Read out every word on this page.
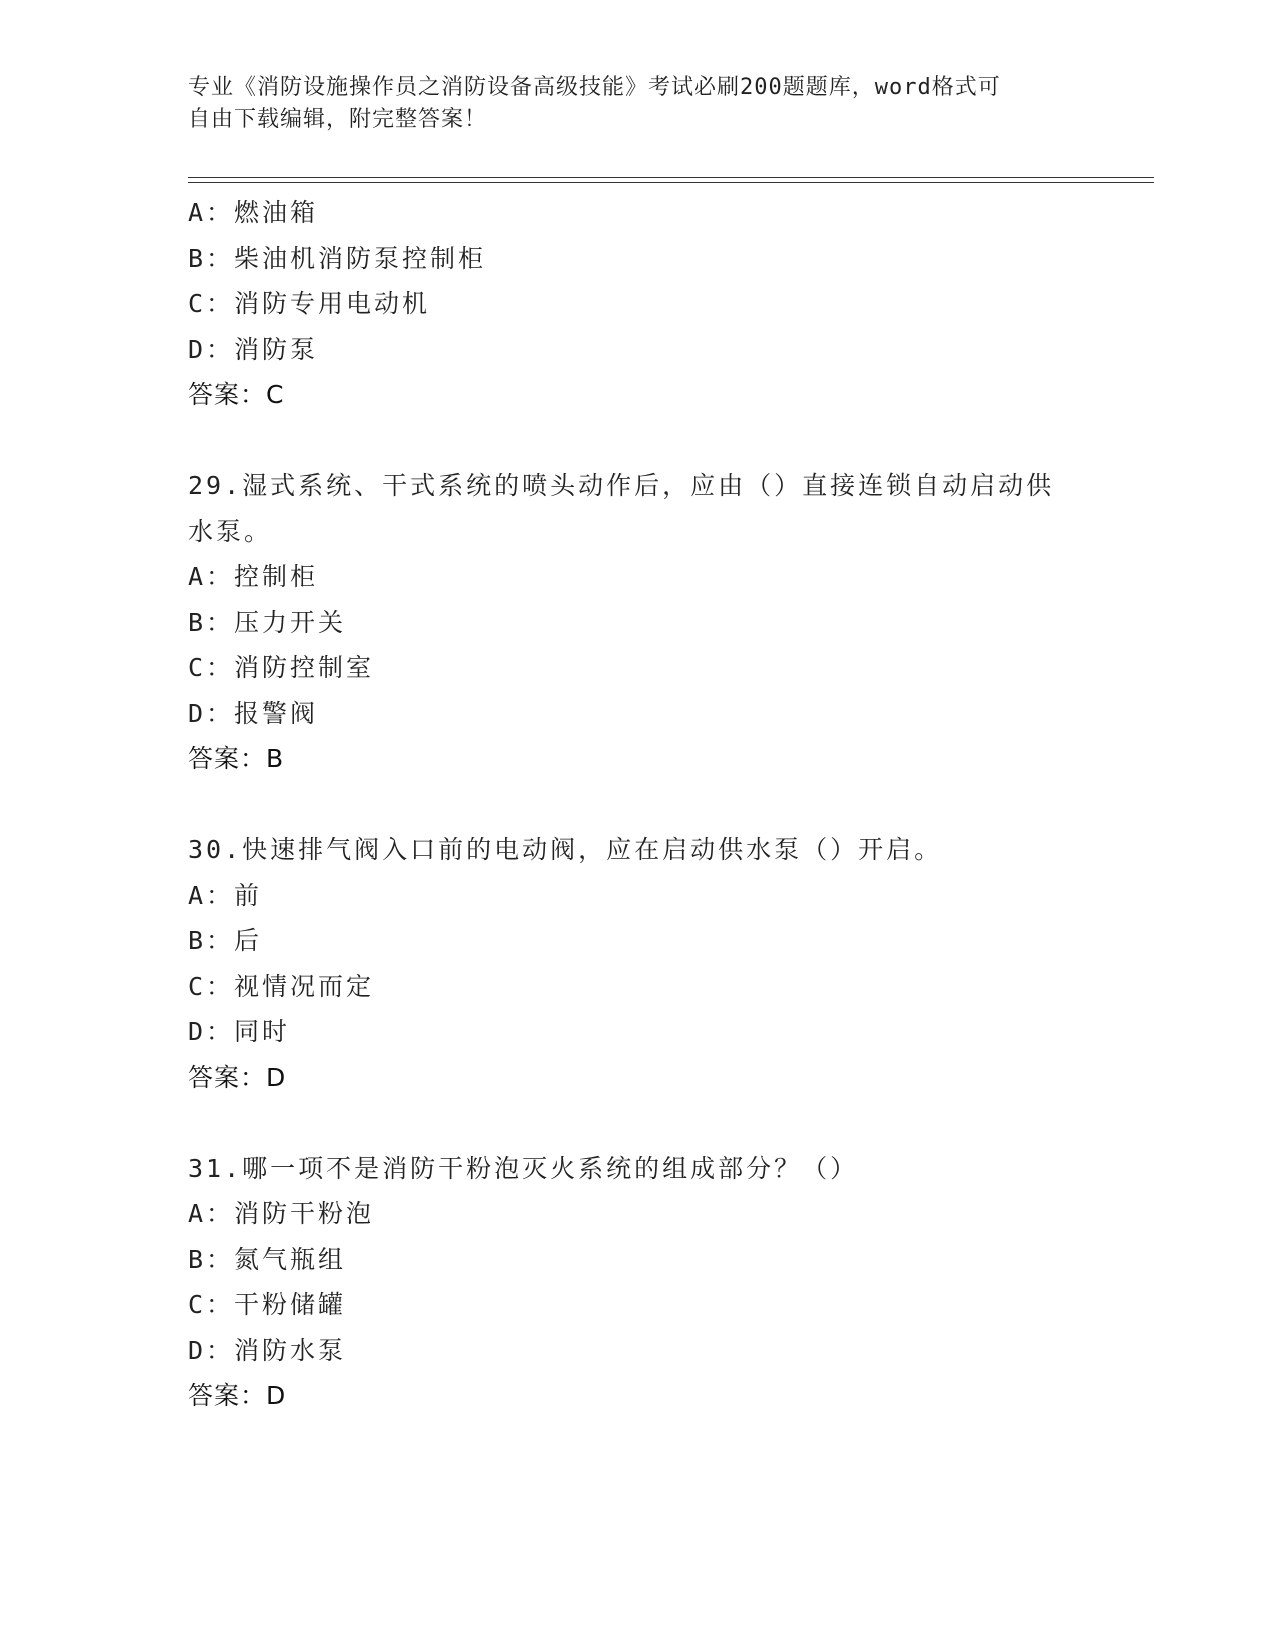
专业《消防设施操作员之消防设备高级技能》考试必刷200题题库，word格式可
自由下载编辑，附完整答案！
A：燃油箱
B：柴油机消防泵控制柜
C：消防专用电动机
D：消防泵
答案：C
29.湿式系统、干式系统的喷头动作后，应由（）直接连锁自动启动供
水泵。
A：控制柜
B：压力开关
C：消防控制室
D：报警阀
答案：B
30.快速排气阀入口前的电动阀，应在启动供水泵（）开启。
A：前
B：后
C：视情况而定
D：同时
答案：D
31.哪一项不是消防干粉泡灭火系统的组成部分？（）
A：消防干粉泡
B：氮气瓶组
C：干粉储罐
D：消防水泵
答案：D
